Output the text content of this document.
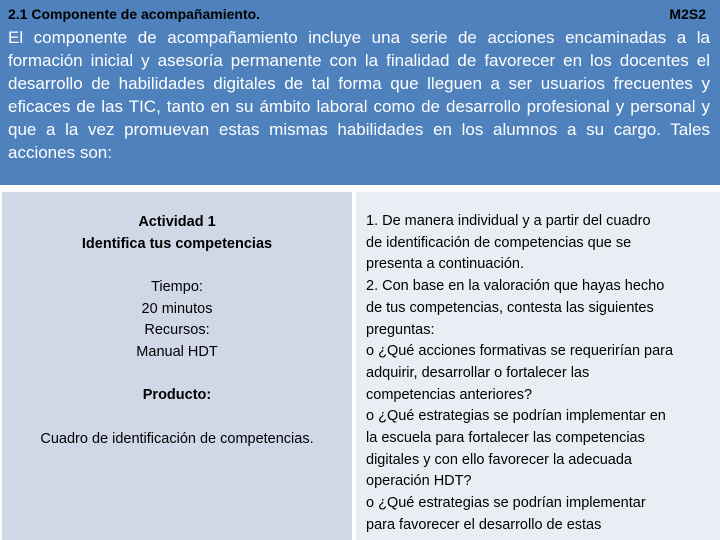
2.1 Componente de acompañamiento.	M2S2

El componente de acompañamiento incluye una serie de acciones encaminadas a la formación inicial y asesoría permanente con la finalidad de favorecer en los docentes el desarrollo de habilidades digitales de tal forma que lleguen a ser usuarios frecuentes y eficaces de las TIC, tanto en su ámbito laboral como de desarrollo profesional y personal y que a la vez promuevan estas mismas habilidades en los alumnos a su cargo. Tales acciones son:

Actividad 1
Identifica tus competencias
Tiempo:
20 minutos
Recursos:
Manual HDT
Producto:
Cuadro de identificación de competencias.
1. De manera individual y a partir del cuadro
de identificación de competencias que se
presenta a continuación.
2. Con base en la valoración que hayas hecho
de tus competencias, contesta las siguientes
preguntas:
o ¿Qué acciones formativas se requerirían para
adquirir, desarrollar o fortalecer las
competencias anteriores?
o ¿Qué estrategias se podrían implementar en
la escuela para fortalecer las competencias
digitales y con ello favorecer la adecuada
operación HDT?
o ¿Qué estrategias se podrían implementar
para favorecer el desarrollo de estas
